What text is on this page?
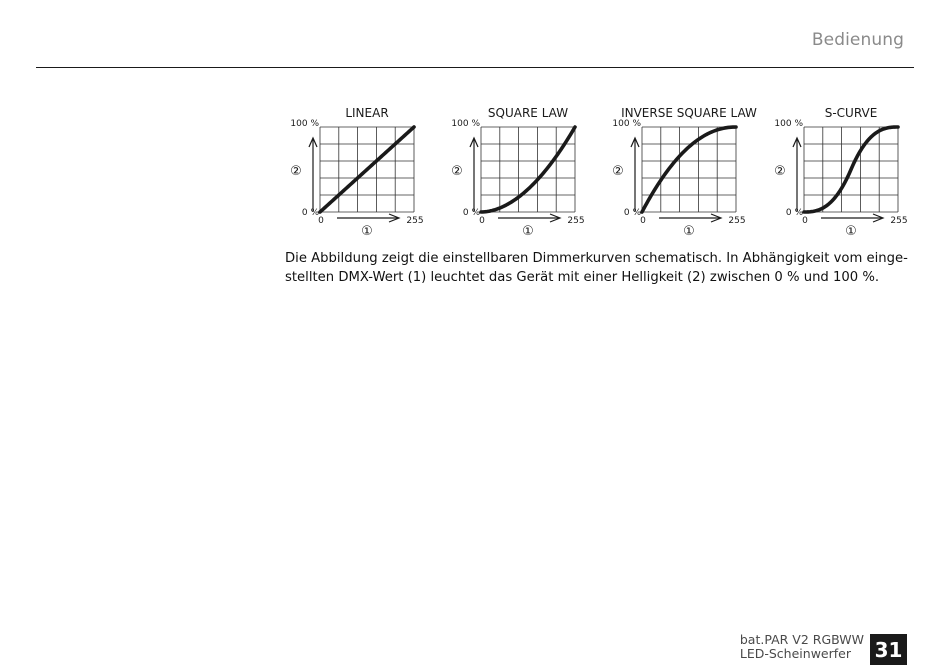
Bedienung
LINEAR
100 %
0 %
0	255
②
①
SQUARE LAW
100 %
0 %
0	255
②
①
INVERSE SQUARE LAW
100 %
0 %
0	255
②
①
S-CURVE
100 %
0 %
0	255
②
①

Die Abbildung zeigt die einstellbaren Dimmerkurven schematisch. In Abhängigkeit vom einge-
stellten DMX-Wert (1) leuchtet das Gerät mit einer Helligkeit (2) zwischen 0 % und 100 %.

bat.PAR V2 RGBWW
LED-Scheinwerfer	31
